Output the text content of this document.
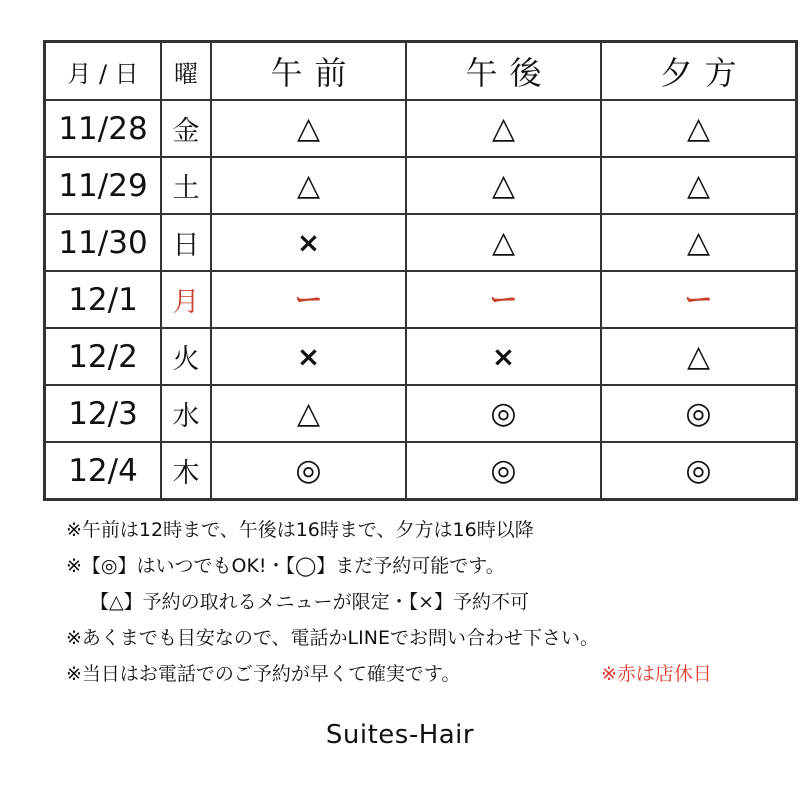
月 / 日	曜	午前	午後	夕方
11/28	金	△	△	△
11/29	土	△	△	△
11/30	日	×	△	△
12/1	月	ー	ー	ー
12/2	火	×	×	△
12/3	水	△	◎	◎
12/4	木	◎	◎	◎
※午前は12時まで、午後は16時まで、夕方は16時以降
※【◎】はいつでもOK!・【◯】まだ予約可能です。
【△】予約の取れるメニューが限定・【×】予約不可
※あくまでも目安なので、電話かLINEでお問い合わせ下さい。
※当日はお電話でのご予約が早くて確実です。	※赤は店休日
Suites-Hair
